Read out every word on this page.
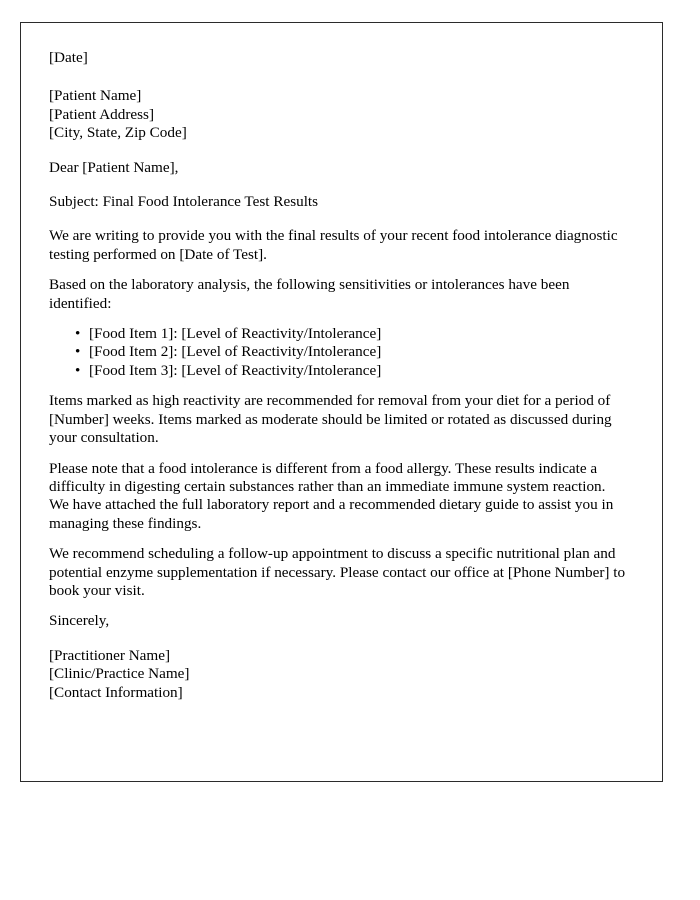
[Date]
[Patient Name]
[Patient Address]
[City, State, Zip Code]
Dear [Patient Name],
Subject: Final Food Intolerance Test Results

We are writing to provide you with the final results of your recent food intolerance diagnostic testing performed on [Date of Test].

Based on the laboratory analysis, the following sensitivities or intolerances have been identified:

• [Food Item 1]: [Level of Reactivity/Intolerance]
• [Food Item 2]: [Level of Reactivity/Intolerance]
• [Food Item 3]: [Level of Reactivity/Intolerance]

Items marked as high reactivity are recommended for removal from your diet for a period of [Number] weeks. Items marked as moderate should be limited or rotated as discussed during your consultation.

Please note that a food intolerance is different from a food allergy. These results indicate a difficulty in digesting certain substances rather than an immediate immune system reaction. We have attached the full laboratory report and a recommended dietary guide to assist you in managing these findings.

We recommend scheduling a follow-up appointment to discuss a specific nutritional plan and potential enzyme supplementation if necessary. Please contact our office at [Phone Number] to book your visit.

Sincerely,
[Practitioner Name]
[Clinic/Practice Name]
[Contact Information]
